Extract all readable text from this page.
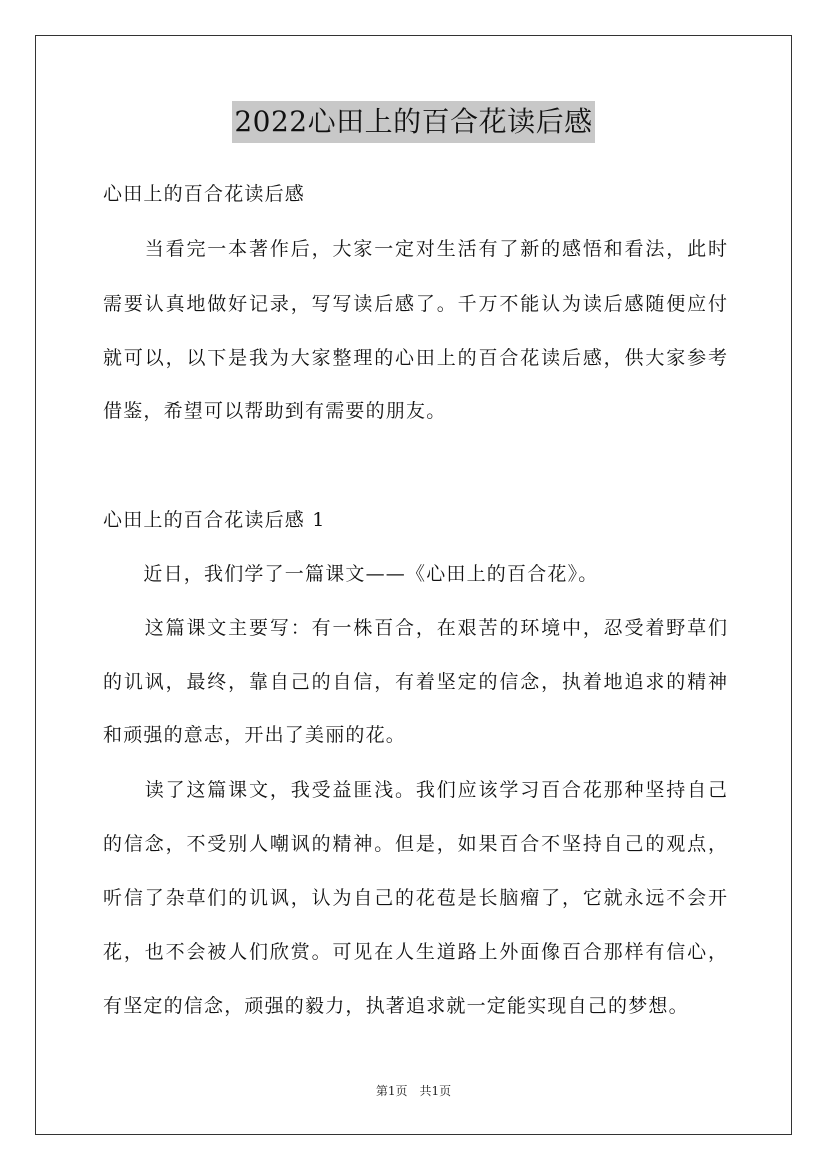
2022心田上的百合花读后感
心田上的百合花读后感
　　当看完一本著作后，大家一定对生活有了新的感悟和看法，此时
需要认真地做好记录，写写读后感了。千万不能认为读后感随便应付
就可以，以下是我为大家整理的心田上的百合花读后感，供大家参考
借鉴，希望可以帮助到有需要的朋友。
心田上的百合花读后感 1
　　近日，我们学了一篇课文——《心田上的百合花》。
　　这篇课文主要写：有一株百合，在艰苦的环境中，忍受着野草们
的讥讽，最终，靠自己的自信，有着坚定的信念，执着地追求的精神
和顽强的意志，开出了美丽的花。
　　读了这篇课文，我受益匪浅。我们应该学习百合花那种坚持自己
的信念，不受别人嘲讽的精神。但是，如果百合不坚持自己的观点，
听信了杂草们的讥讽，认为自己的花苞是长脑瘤了，它就永远不会开
花，也不会被人们欣赏。可见在人生道路上外面像百合那样有信心，
有坚定的信念，顽强的毅力，执著追求就一定能实现自己的梦想。
第1页 共1页
